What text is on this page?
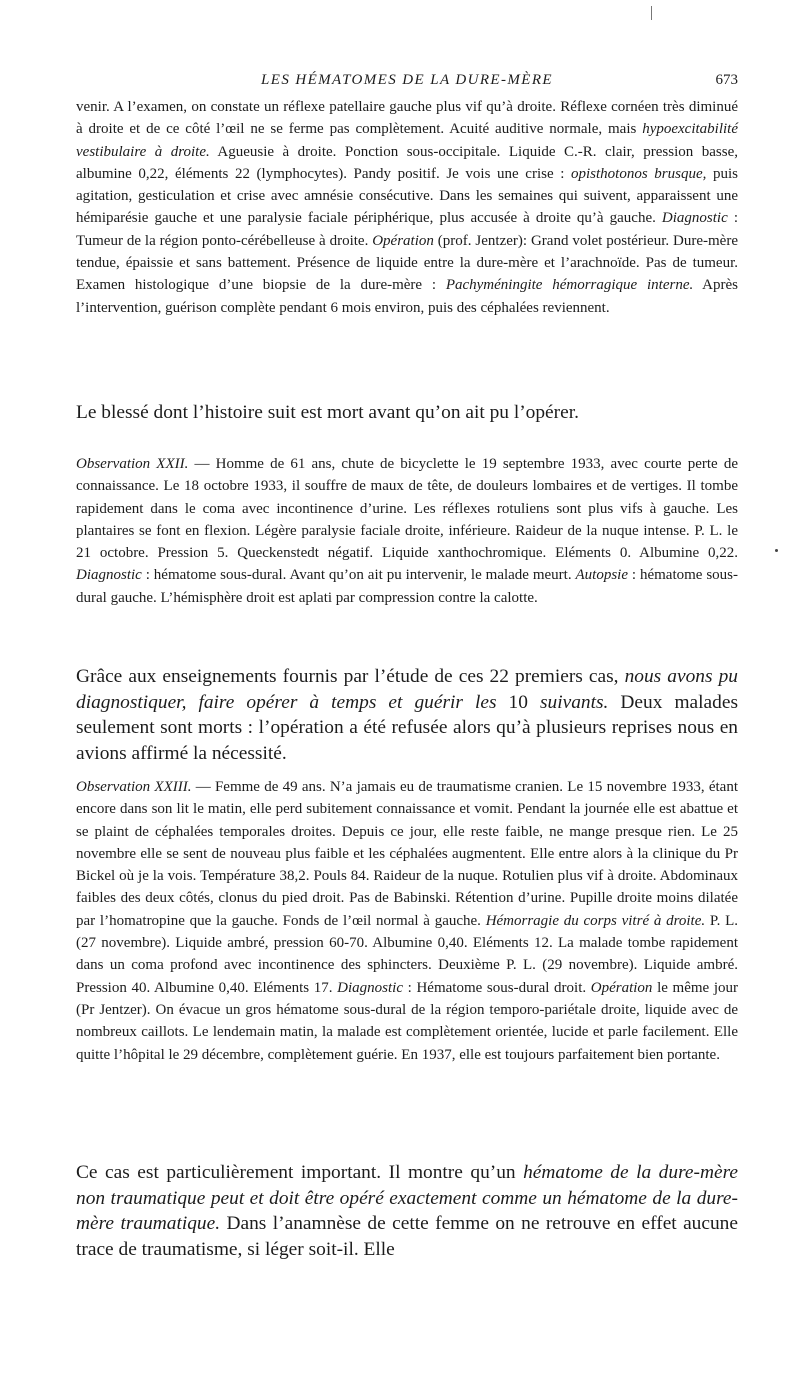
LES HÉMATOMES DE LA DURE-MÈRE	673
venir. A l’examen, on constate un réflexe patellaire gauche plus vif qu’à droite. Réflexe cornéen très diminué à droite et de ce côté l’œil ne se ferme pas complètement. Acuité auditive normale, mais hypoexcitabilité vestibulaire à droite. Agueusie à droite. Ponction sous-occipitale. Liquide C.-R. clair, pression basse, albumine 0,22, éléments 22 (lymphocytes). Pandy positif. Je vois une crise : opisthotonos brusque, puis agitation, gesticulation et crise avec amnésie consécutive. Dans les semaines qui suivent, apparaissent une hémiparésie gauche et une paralysie faciale périphérique, plus accusée à droite qu’à gauche. Diagnostic : Tumeur de la région ponto-cérébelleuse à droite. Opération (prof. Jentzer): Grand volet postérieur. Dure-mère tendue, épaissie et sans battement. Présence de liquide entre la dure-mère et l’arachnoïde. Pas de tumeur. Examen histologique d’une biopsie de la dure-mère : Pachyméningite hémorragique interne. Après l’intervention, guérison complète pendant 6 mois environ, puis des céphalées reviennent.
Le blessé dont l’histoire suit est mort avant qu’on ait pu l’opérer.
Observation XXII. — Homme de 61 ans, chute de bicyclette le 19 septembre 1933, avec courte perte de connaissance. Le 18 octobre 1933, il souffre de maux de tête, de douleurs lombaires et de vertiges. Il tombe rapidement dans le coma avec incontinence d’urine. Les réflexes rotuliens sont plus vifs à gauche. Les plantaires se font en flexion. Légère paralysie faciale droite, inférieure. Raideur de la nuque intense. P. L. le 21 octobre. Pression 5. Queckenstedt négatif. Liquide xanthochromique. Eléments 0. Albumine 0,22. Diagnostic : hématome sous-dural. Avant qu’on ait pu intervenir, le malade meurt. Autopsie : hématome sous-dural gauche. L’hémisphère droit est aplati par compression contre la calotte.
Grâce aux enseignements fournis par l’étude de ces 22 premiers cas, nous avons pu diagnostiquer, faire opérer à temps et guérir les 10 suivants. Deux malades seulement sont morts : l’opération a été refusée alors qu’à plusieurs reprises nous en avions affirmé la nécessité.
Observation XXIII. — Femme de 49 ans. N’a jamais eu de traumatisme cranien. Le 15 novembre 1933, étant encore dans son lit le matin, elle perd subitement connaissance et vomit. Pendant la journée elle est abattue et se plaint de céphalées temporales droites. Depuis ce jour, elle reste faible, ne mange presque rien. Le 25 novembre elle se sent de nouveau plus faible et les céphalées augmentent. Elle entre alors à la clinique du Pr Bickel où je la vois. Température 38,2. Pouls 84. Raideur de la nuque. Rotulien plus vif à droite. Abdominaux faibles des deux côtés, clonus du pied droit. Pas de Babinski. Rétention d’urine. Pupille droite moins dilatée par l’homatropine que la gauche. Fonds de l’œil normal à gauche. Hémorragie du corps vitré à droite. P. L. (27 novembre). Liquide ambré, pression 60-70. Albumine 0,40. Eléments 12. La malade tombe rapidement dans un coma profond avec incontinence des sphincters. Deuxième P. L. (29 novembre). Liquide ambré. Pression 40. Albumine 0,40. Eléments 17. Diagnostic : Hématome sous-dural droit. Opération le même jour (Pr Jentzer). On évacue un gros hématome sous-dural de la région temporo-pariétale droite, liquide avec de nombreux caillots. Le lendemain matin, la malade est complètement orientée, lucide et parle facilement. Elle quitte l’hôpital le 29 décembre, complètement guérie. En 1937, elle est toujours parfaitement bien portante.
Ce cas est particulièrement important. Il montre qu’un hématome de la dure-mère non traumatique peut et doit être opéré exactement comme un hématome de la dure-mère traumatique. Dans l’anamnèse de cette femme on ne retrouve en effet aucune trace de traumatisme, si léger soit-il. Elle
